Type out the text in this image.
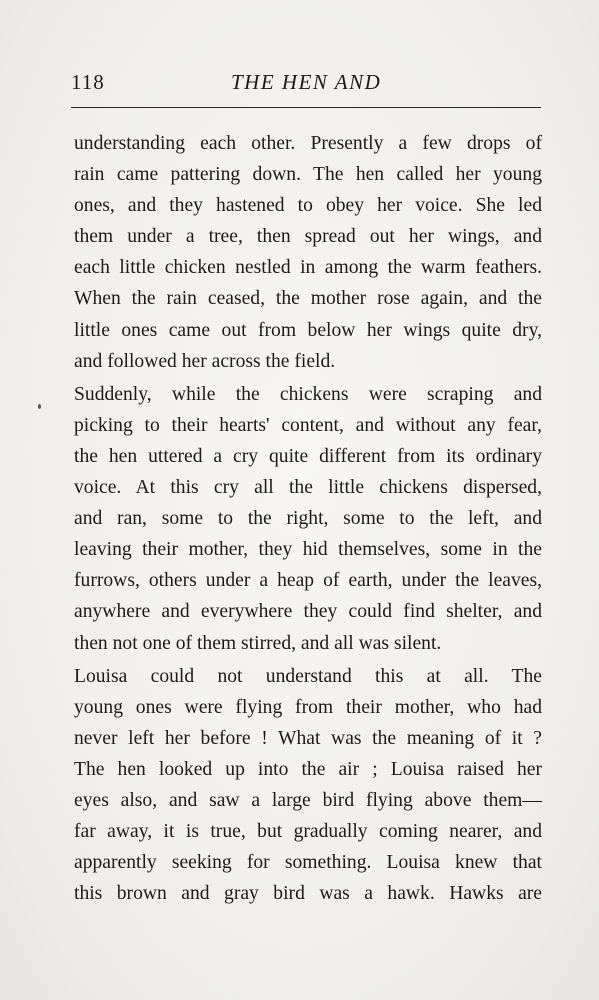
118	THE HEN AND

understanding each other. Presently a few drops of
rain came pattering down. The hen called her young
ones, and they hastened to obey her voice. She led
them under a tree, then spread out her wings, and
each little chicken nestled in among the warm feathers.
When the rain ceased, the mother rose again, and the
little ones came out from below her wings quite dry,
and followed her across the field.

Suddenly, while the chickens were scraping and
picking to their hearts' content, and without any fear,
the hen uttered a cry quite different from its ordinary
voice. At this cry all the little chickens dispersed,
and ran, some to the right, some to the left, and
leaving their mother, they hid themselves, some in the
furrows, others under a heap of earth, under the leaves,
anywhere and everywhere they could find shelter, and
then not one of them stirred, and all was silent.

Louisa could not understand this at all. The
young ones were flying from their mother, who had
never left her before ! What was the meaning of it ?
The hen looked up into the air ; Louisa raised her
eyes also, and saw a large bird flying above them—
far away, it is true, but gradually coming nearer, and
apparently seeking for something. Louisa knew that
this brown and gray bird was a hawk. Hawks are
